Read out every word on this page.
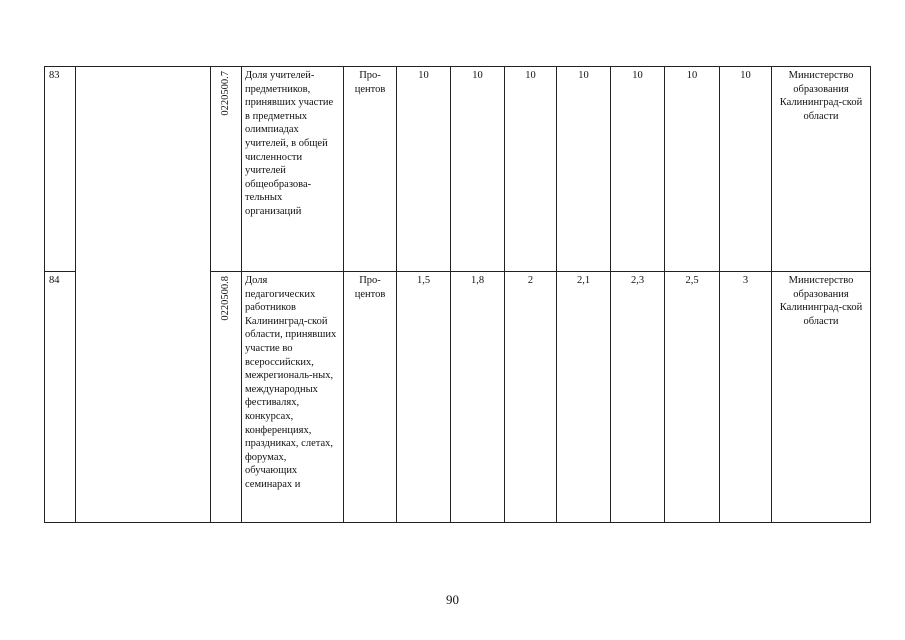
83		0220500.7	Доля учителей-предметников, принявших участие в предметных олимпиадах учителей, в общей численности учителей общеобразова-тельных организаций	Про-центов	10	10	10	10	10	10	10	Министерство образования Калининград-ской области
84		0220500.8	Доля педагогических работников Калининград-ской области, принявших участие во всероссийских, межрегиональ-ных, международных фестивалях, конкурсах, конференциях, праздниках, слетах, форумах, обучающих семинарах и	Про-центов	1,5	1,8	2	2,1	2,3	2,5	3	Министерство образования Калининград-ской области
90
